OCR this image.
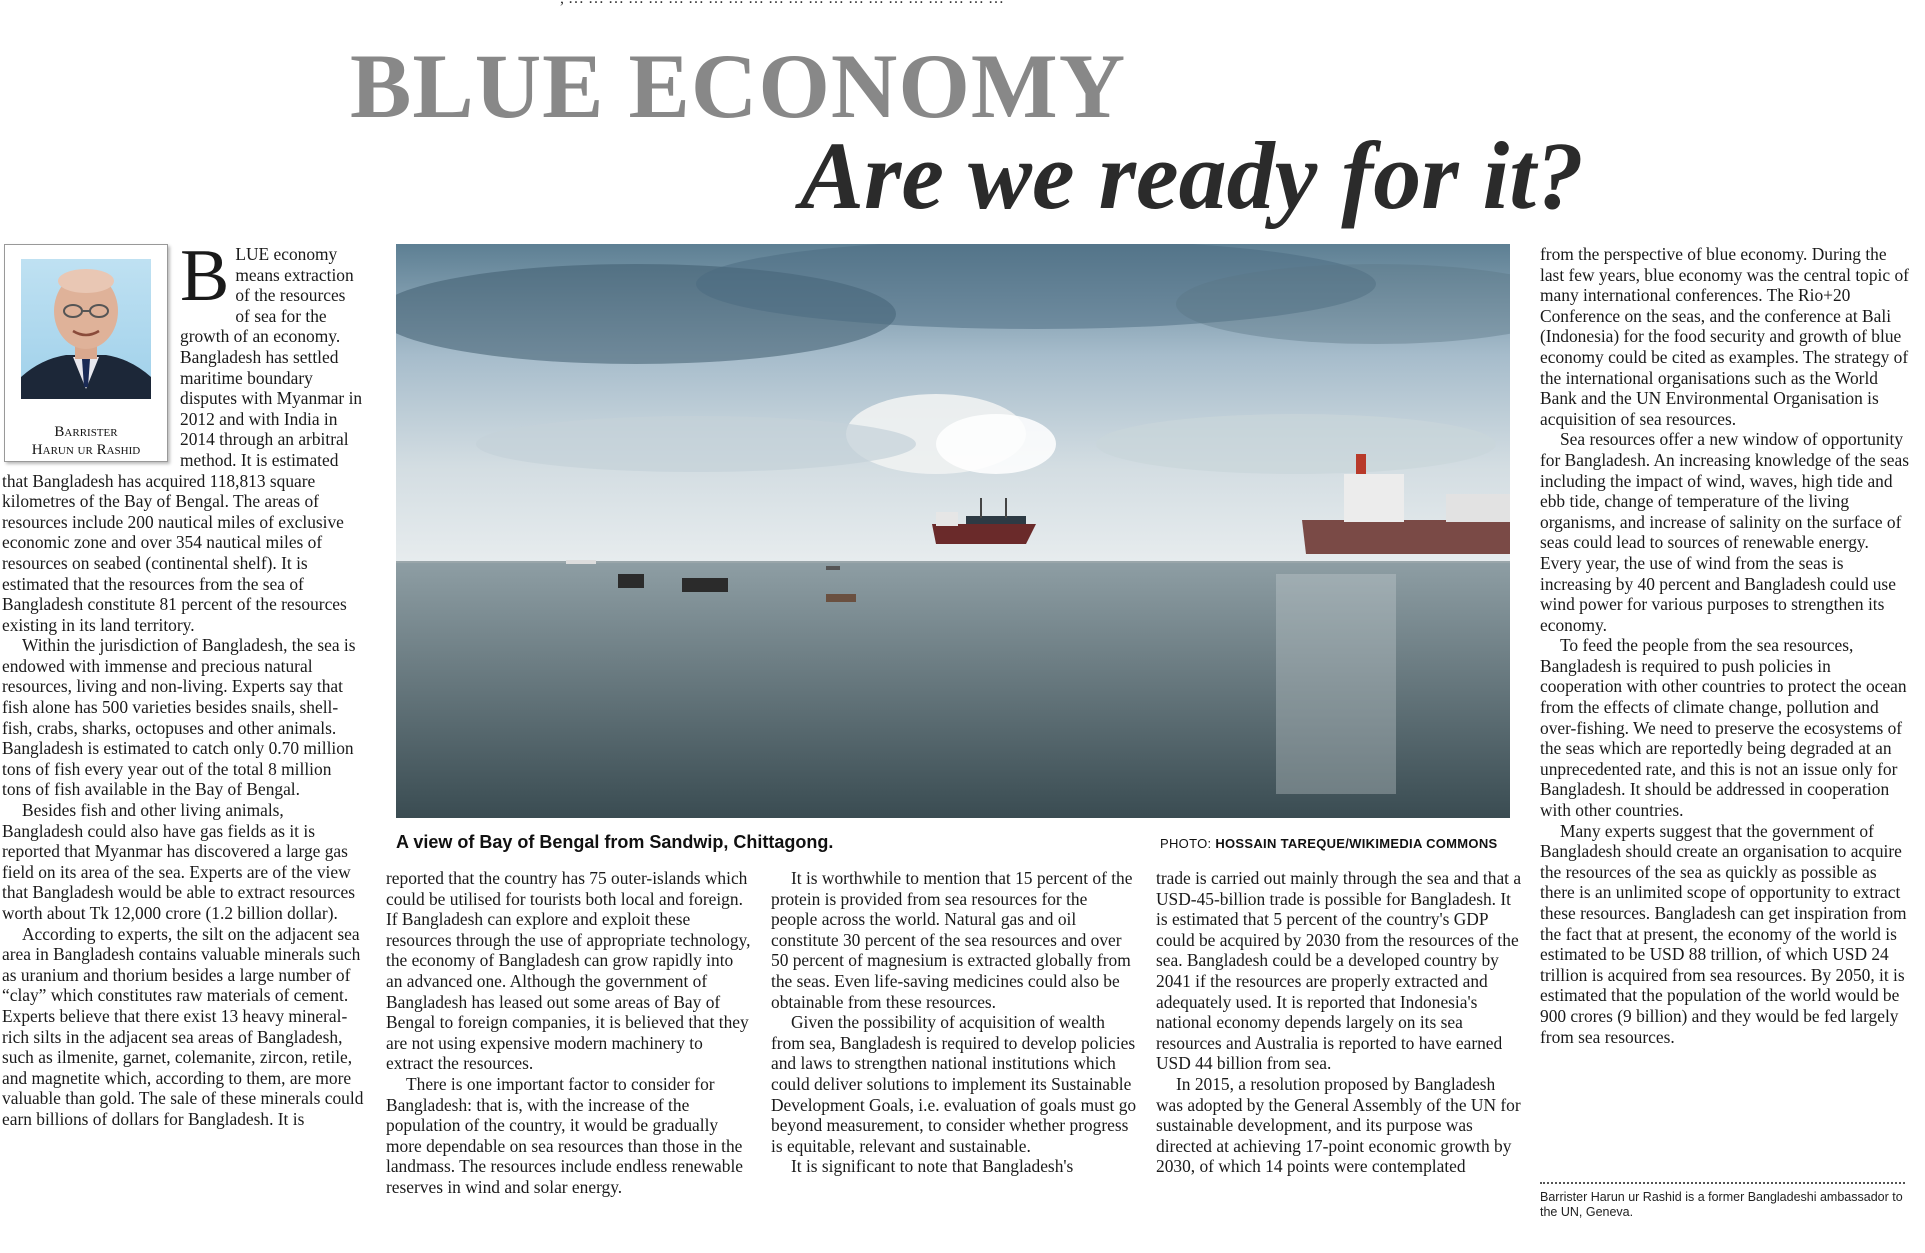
BLUE ECONOMY
Are we ready for it?
Barrister
Harun ur Rashid

B LUE economy means extraction of the resources of sea for the growth of an economy. Bangladesh has settled maritime boundary disputes with Myanmar in 2012 and with India in 2014 through an arbitral method. It is estimated that Bangladesh has acquired 118,813 square kilometres of the Bay of Bengal. The areas of resources include 200 nautical miles of exclusive economic zone and over 354 nautical miles of resources on seabed (continental shelf). It is estimated that the resources from the sea of Bangladesh constitute 81 percent of the resources existing in its land territory.

Within the jurisdiction of Bangladesh, the sea is endowed with immense and precious natural resources, living and non-living. Experts say that fish alone has 500 varieties besides snails, shell-fish, crabs, sharks, octopuses and other animals. Bangladesh is estimated to catch only 0.70 million tons of fish every year out of the total 8 million tons of fish available in the Bay of Bengal.

Besides fish and other living animals, Bangladesh could also have gas fields as it is reported that Myanmar has discovered a large gas field on its area of the sea. Experts are of the view that Bangladesh would be able to extract resources worth about Tk 12,000 crore (1.2 billion dollar).

According to experts, the silt on the adjacent sea area in Bangladesh contains valuable minerals such as uranium and thorium besides a large number of “clay” which constitutes raw materials of cement. Experts believe that there exist 13 heavy mineral-rich silts in the adjacent sea areas of Bangladesh, such as ilmenite, garnet, colemanite, zircon, retile, and magnetite which, according to them, are more valuable than gold. The sale of these minerals could earn billions of dollars for Bangladesh. It is

A view of Bay of Bengal from Sandwip, Chittagong.	PHOTO: HOSSAIN TAREQUE/WIKIMEDIA COMMONS

reported that the country has 75 outer-islands which could be utilised for tourists both local and foreign. If Bangladesh can explore and exploit these resources through the use of appropriate technology, the economy of Bangladesh can grow rapidly into an advanced one. Although the government of Bangladesh has leased out some areas of Bay of Bengal to foreign companies, it is believed that they are not using expensive modern machinery to extract the resources.

There is one important factor to consider for Bangladesh: that is, with the increase of the population of the country, it would be gradually more dependable on sea resources than those in the landmass. The resources include endless renewable reserves in wind and solar energy.

It is worthwhile to mention that 15 percent of the protein is provided from sea resources for the people across the world. Natural gas and oil constitute 30 percent of the sea resources and over 50 percent of magnesium is extracted globally from the seas. Even life-saving medicines could also be obtainable from these resources.

Given the possibility of acquisition of wealth from sea, Bangladesh is required to develop policies and laws to strengthen national institutions which could deliver solutions to implement its Sustainable Development Goals, i.e. evaluation of goals must go beyond measurement, to consider whether progress is equitable, relevant and sustainable.

It is significant to note that Bangladesh's

trade is carried out mainly through the sea and that a USD-45-billion trade is possible for Bangladesh. It is estimated that 5 percent of the country's GDP could be acquired by 2030 from the resources of the sea. Bangladesh could be a developed country by 2041 if the resources are properly extracted and adequately used. It is reported that Indonesia's national economy depends largely on its sea resources and Australia is reported to have earned USD 44 billion from sea.

In 2015, a resolution proposed by Bangladesh was adopted by the General Assembly of the UN for sustainable development, and its purpose was directed at achieving 17-point economic growth by 2030, of which 14 points were contemplated

from the perspective of blue economy. During the last few years, blue economy was the central topic of many international conferences. The Rio+20 Conference on the seas, and the conference at Bali (Indonesia) for the food security and growth of blue economy could be cited as examples. The strategy of the international organisations such as the World Bank and the UN Environmental Organisation is acquisition of sea resources.

Sea resources offer a new window of opportunity for Bangladesh. An increasing knowledge of the seas including the impact of wind, waves, high tide and ebb tide, change of temperature of the living organisms, and increase of salinity on the surface of seas could lead to sources of renewable energy. Every year, the use of wind from the seas is increasing by 40 percent and Bangladesh could use wind power for various purposes to strengthen its economy.

To feed the people from the sea resources, Bangladesh is required to push policies in cooperation with other countries to protect the ocean from the effects of climate change, pollution and over-fishing. We need to preserve the ecosystems of the seas which are reportedly being degraded at an unprecedented rate, and this is not an issue only for Bangladesh. It should be addressed in cooperation with other countries.

Many experts suggest that the government of Bangladesh should create an organisation to acquire the resources of the sea as quickly as possible as there is an unlimited scope of opportunity to extract these resources. Bangladesh can get inspiration from the fact that at present, the economy of the world is estimated to be USD 88 trillion, of which USD 24 trillion is acquired from sea resources. By 2050, it is estimated that the population of the world would be 900 crores (9 billion) and they would be fed largely from sea resources.

Barrister Harun ur Rashid is a former Bangladeshi ambassador to the UN, Geneva.
